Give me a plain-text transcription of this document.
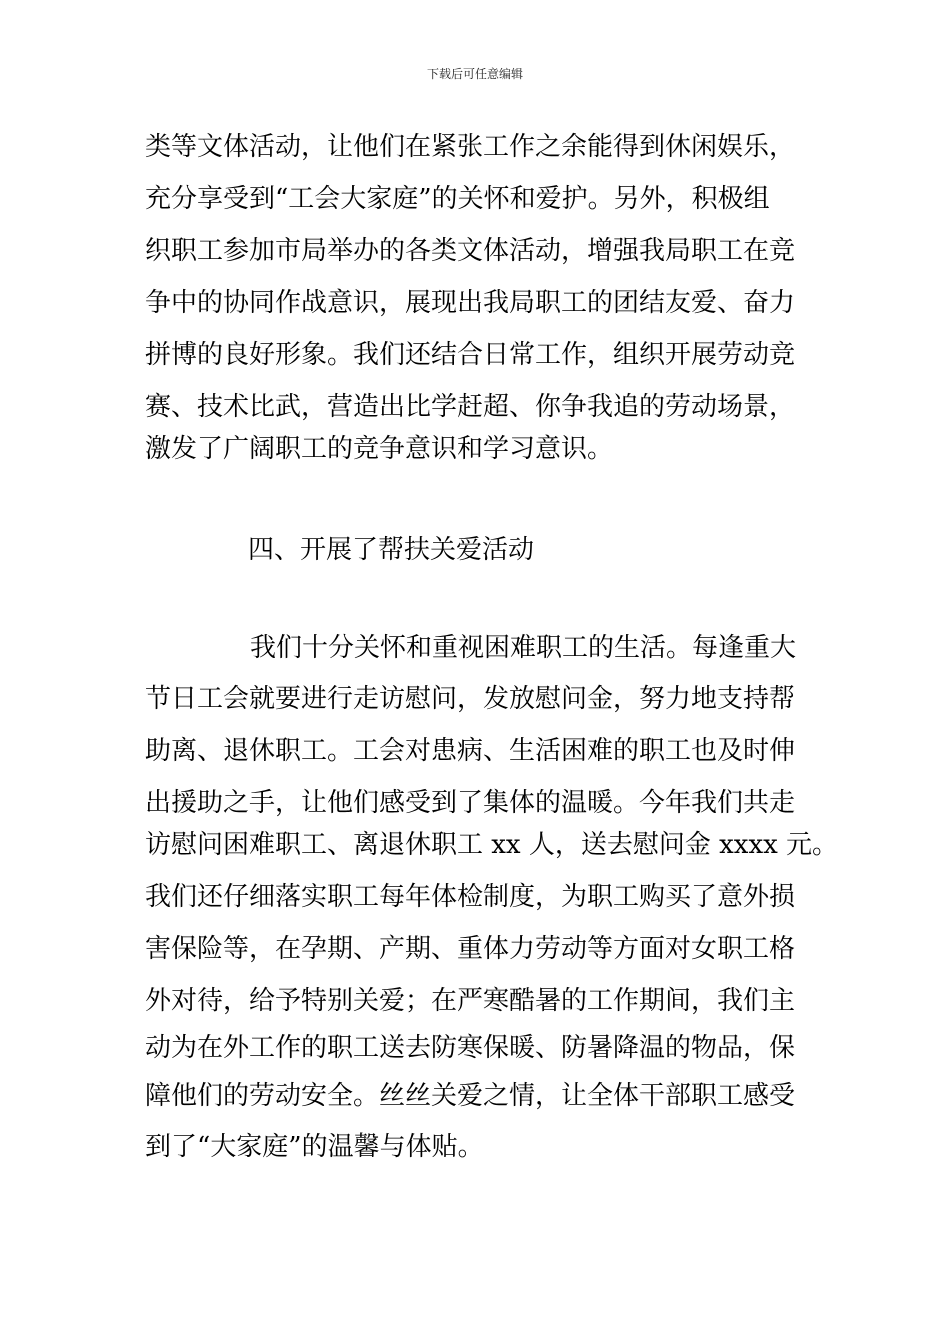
下载后可任意编辑
类等文体活动，让他们在紧张工作之余能得到休闲娱乐，
充分享受到“工会大家庭”的关怀和爱护。另外，积极组
织职工参加市局举办的各类文体活动，增强我局职工在竞
争中的协同作战意识，展现出我局职工的团结友爱、奋力
拼博的良好形象。我们还结合日常工作，组织开展劳动竞
赛、技术比武，营造出比学赶超、你争我追的劳动场景，
激发了广阔职工的竞争意识和学习意识。
四、开展了帮扶关爱活动
我们十分关怀和重视困难职工的生活。每逢重大
节日工会就要进行走访慰问，发放慰问金，努力地支持帮
助离、退休职工。工会对患病、生活困难的职工也及时伸
出援助之手，让他们感受到了集体的温暖。今年我们共走
访慰问困难职工、离退休职工 xx 人，送去慰问金 xxxx 元。
我们还仔细落实职工每年体检制度，为职工购买了意外损
害保险等，在孕期、产期、重体力劳动等方面对女职工格
外对待，给予特别关爱；在严寒酷暑的工作期间，我们主
动为在外工作的职工送去防寒保暖、防暑降温的物品，保
障他们的劳动安全。丝丝关爱之情，让全体干部职工感受
到了“大家庭”的温馨与体贴。
